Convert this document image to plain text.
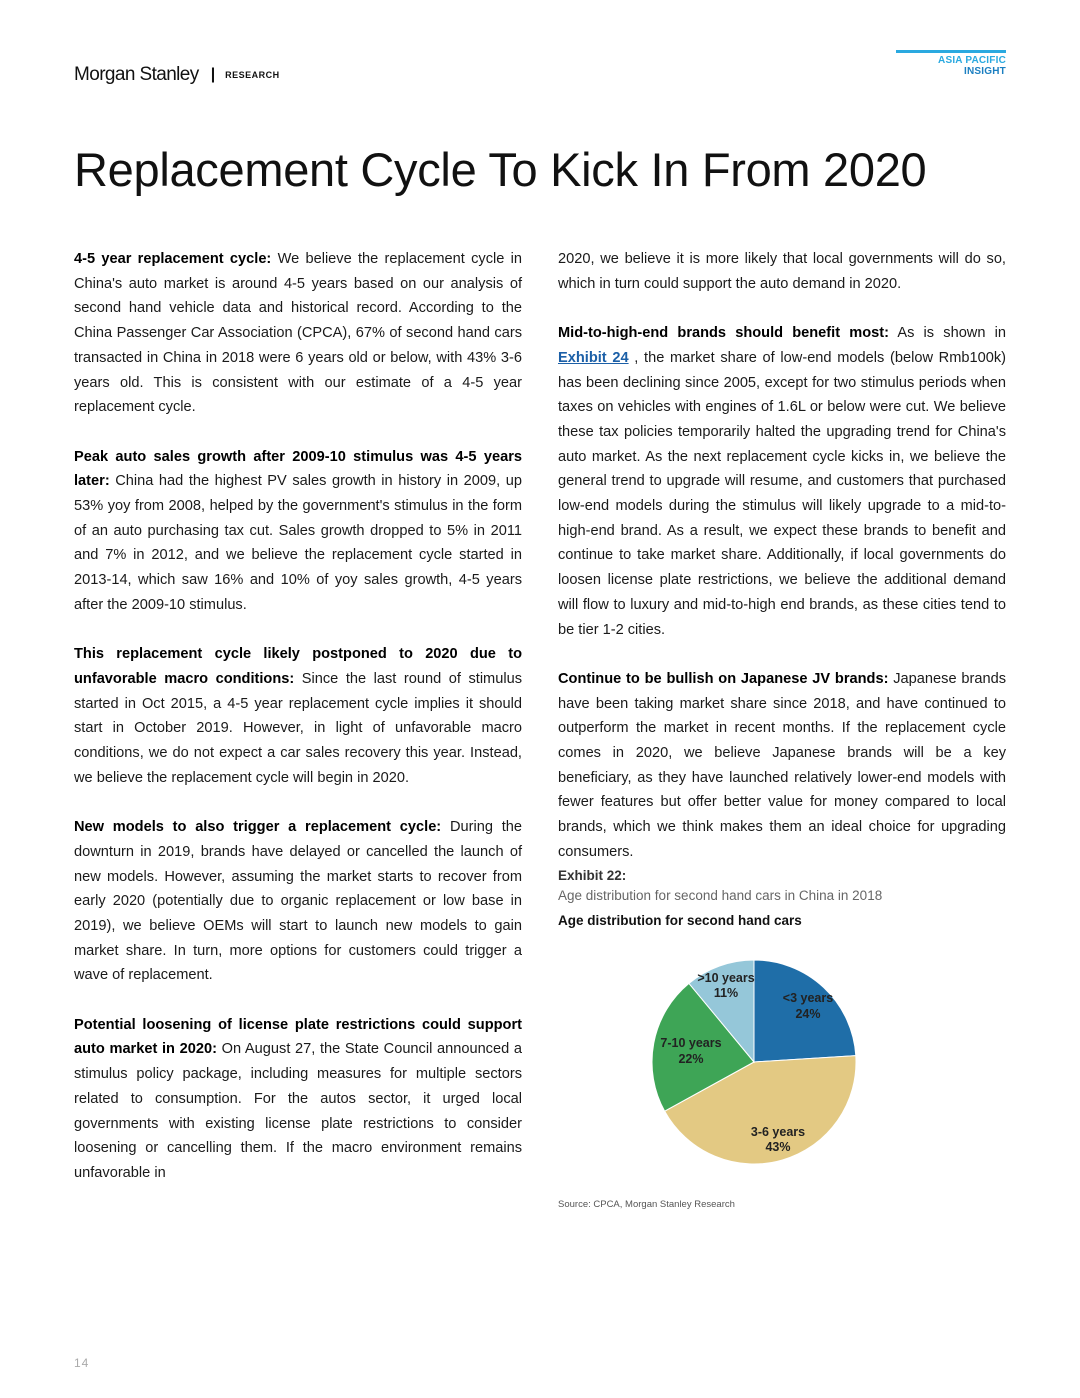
Morgan Stanley | RESEARCH
ASIA PACIFIC INSIGHT
Replacement Cycle To Kick In From 2020

4-5 year replacement cycle: We believe the replacement cycle in China's auto market is around 4-5 years based on our analysis of second hand vehicle data and historical record. According to the China Passenger Car Association (CPCA), 67% of second hand cars transacted in China in 2018 were 6 years old or below, with 43% 3-6 years old. This is consistent with our estimate of a 4-5 year replacement cycle.

Peak auto sales growth after 2009-10 stimulus was 4-5 years later: China had the highest PV sales growth in history in 2009, up 53% yoy from 2008, helped by the government's stimulus in the form of an auto purchasing tax cut. Sales growth dropped to 5% in 2011 and 7% in 2012, and we believe the replacement cycle started in 2013-14, which saw 16% and 10% of yoy sales growth, 4-5 years after the 2009-10 stimulus.

This replacement cycle likely postponed to 2020 due to unfavorable macro conditions: Since the last round of stimulus started in Oct 2015, a 4-5 year replacement cycle implies it should start in October 2019. However, in light of unfavorable macro conditions, we do not expect a car sales recovery this year. Instead, we believe the replacement cycle will begin in 2020.

New models to also trigger a replacement cycle: During the downturn in 2019, brands have delayed or cancelled the launch of new models. However, assuming the market starts to recover from early 2020 (potentially due to organic replacement or low base in 2019), we believe OEMs will start to launch new models to gain market share. In turn, more options for customers could trigger a wave of replacement.

Potential loosening of license plate restrictions could support auto market in 2020: On August 27, the State Council announced a stimulus policy package, including measures for multiple sectors related to consumption. For the autos sector, it urged local governments with existing license plate restrictions to consider loosening or cancelling them. If the macro environment remains unfavorable in

2020, we believe it is more likely that local governments will do so, which in turn could support the auto demand in 2020.

Mid-to-high-end brands should benefit most: As is shown in Exhibit 24 , the market share of low-end models (below Rmb100k) has been declining since 2005, except for two stimulus periods when taxes on vehicles with engines of 1.6L or below were cut. We believe these tax policies temporarily halted the upgrading trend for China's auto market. As the next replacement cycle kicks in, we believe the general trend to upgrade will resume, and customers that purchased low-end models during the stimulus will likely upgrade to a mid-to-high-end brand. As a result, we expect these brands to benefit and continue to take market share. Additionally, if local governments do loosen license plate restrictions, we believe the additional demand will flow to luxury and mid-to-high end brands, as these cities tend to be tier 1-2 cities.

Continue to be bullish on Japanese JV brands: Japanese brands have been taking market share since 2018, and have continued to outperform the market in recent months. If the replacement cycle comes in 2020, we believe Japanese brands will be a key beneficiary, as they have launched relatively lower-end models with fewer features but offer better value for money compared to local brands, which we think makes them an ideal choice for upgrading consumers.

Exhibit 22:
Age distribution for second hand cars in China in 2018
Age distribution for second hand cars
<3 years
24%
3-6 years
43%
7-10 years
22%
>10 years
11%
Source: CPCA, Morgan Stanley Research
14
